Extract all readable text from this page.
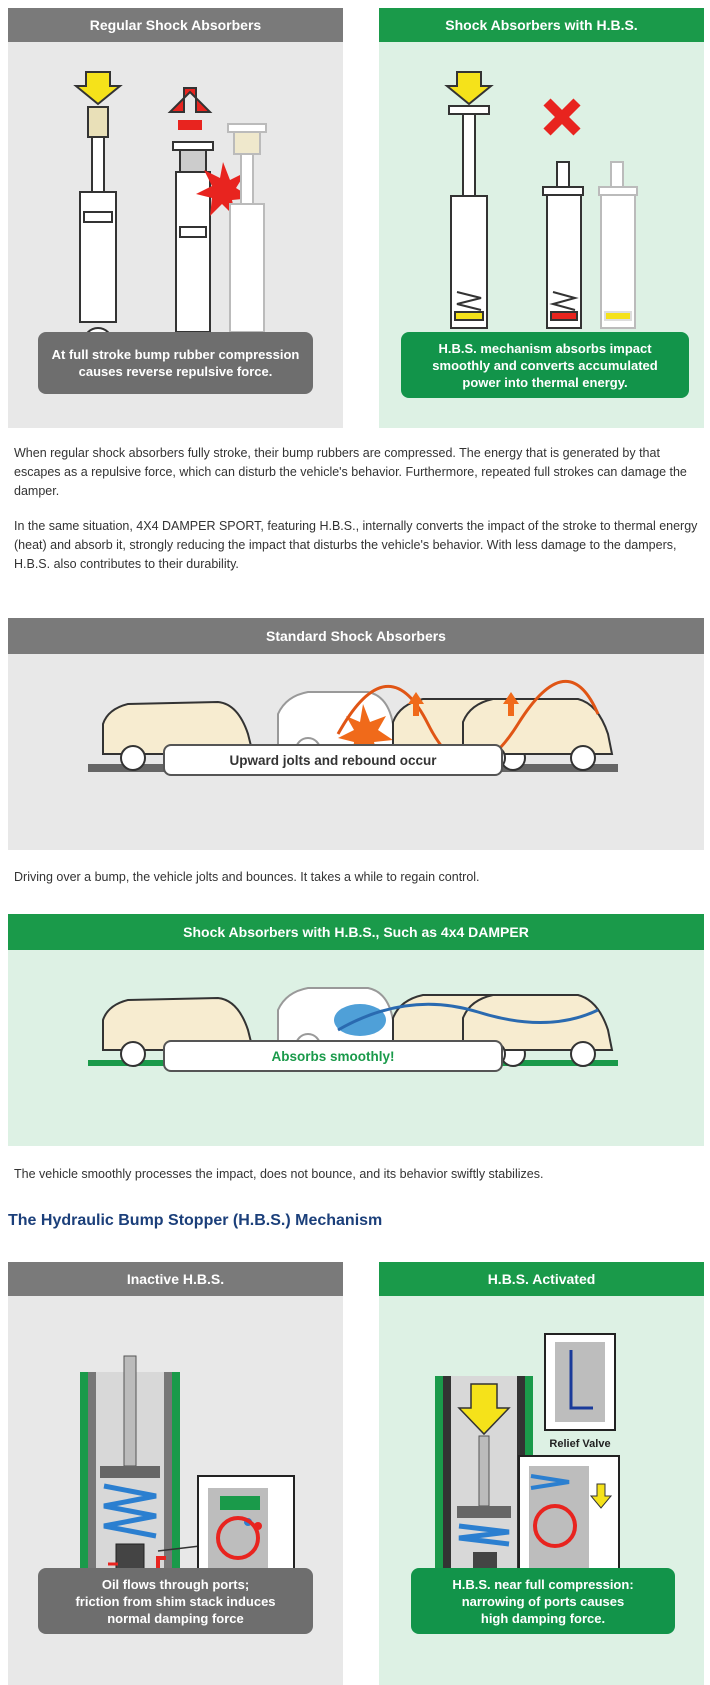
Regular Shock Absorbers
At full stroke bump rubber compression
causes reverse repulsive force.
Shock Absorbers with H.B.S.
H.B.S. mechanism absorbs impact
smoothly and converts accumulated
power into thermal energy.

When regular shock absorbers fully stroke, their bump rubbers are compressed. The energy that is generated by that escapes as a repulsive force, which can disturb the vehicle's behavior. Furthermore, repeated full strokes can damage the damper.

In the same situation, 4X4 DAMPER SPORT, featuring H.B.S., internally converts the impact of the stroke to thermal energy (heat) and absorb it, strongly reducing the impact that disturbs the vehicle's behavior. With less damage to the dampers, H.B.S. also contributes to their durability.

Standard Shock Absorbers
Upward jolts and rebound occur

Driving over a bump, the vehicle jolts and bounces. It takes a while to regain control.

Shock Absorbers with H.B.S., Such as 4x4 DAMPER
Absorbs smoothly!

The vehicle smoothly processes the impact, does not bounce, and its behavior swiftly stabilizes.

The Hydraulic Bump Stopper (H.B.S.) Mechanism
Inactive H.B.S.
Oil flows through ports;
friction from shim stack induces
normal damping force
H.B.S. Activated
Relief Valve
H.B.S. near full compression:
narrowing of ports causes
high damping force.
